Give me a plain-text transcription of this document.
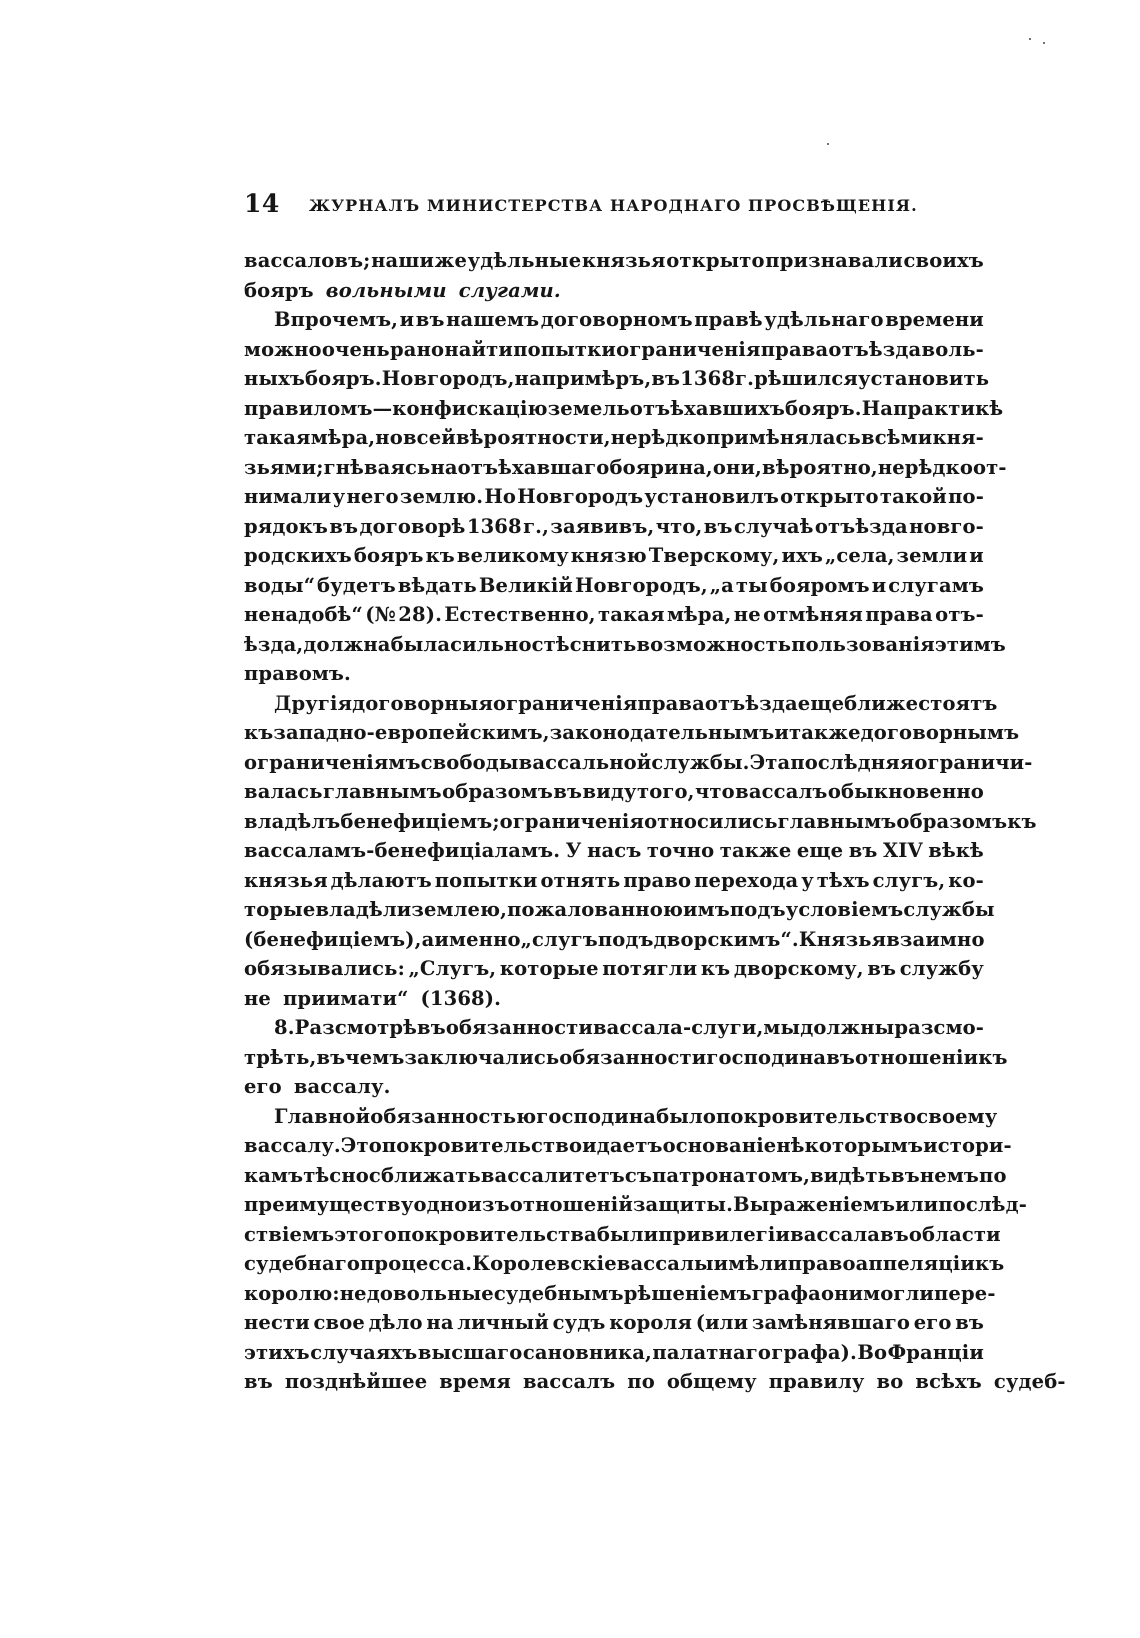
14 ЖУРНАЛЪ МИНИСТЕРСТВА НАРОДНАГО ПРОСВѢЩЕНІЯ.
вассаловъ; наши же удѣльные князья открыто признавали своихъ
бояръ вольными слугами.
Впрочемъ, и въ нашемъ договорномъ правѣ удѣльнаго времени
можно очень рано найти попытки ограниченія права отъѣзда воль-
ныхъ бояръ. Новгородъ, напримѣръ, въ 1368 г. рѣшился установить
правиломъ — конфискацію земель отъѣхавшихъ бояръ. На практикѣ
такая мѣра, но всей вѣроятности, нерѣдко примѣнялась всѣми кня-
зьями; гнѣваясь на отъѣхавшаго боярина, они, вѣроятно, нерѣдко от-
нимали у него землю. Но Новгородъ установилъ открыто такой по-
рядокъ въ договорѣ 1368 г., заявивъ, что, въ случаѣ отъѣзда новго-
родскихъ бояръ къ великому князю Тверскому, ихъ „села, земли и
воды“ будетъ вѣдать Великій Новгородъ, „а ты бояромъ и слугамъ
ненадобѣ“ (№ 28). Естественно, такая мѣра, не отмѣняя права отъ-
ѣзда, должна была сильно стѣснить возможность пользованія этимъ
правомъ.
Другія договорныя ограниченія права отъѣзда еще ближе стоятъ
къ западно-европейскимъ, законодательнымъ и также договорнымъ
ограниченіямъ свободы вассальной службы. Эта послѣдняя ограничи-
валась главнымъ образомъ въ виду того, что вассалъ обыкновенно
владѣлъ бенефиціемъ; ограниченія относились главнымъ образомъ къ
вассаламъ-бенефиціаламъ. У насъ точно также еще въ XIV вѣкѣ
князья дѣлаютъ попытки отнять право перехода у тѣхъ слугъ, ко-
торые владѣли землею, пожалованною имъ подъ условіемъ службы
(бенефиціемъ), а именно „слугъ подъ дворскимъ“. Князья взаимно
обязывались: „Слугъ, которые потягли къ дворскому, въ службу
не приимати“ (1368).
8. Разсмотрѣвъ обязанности вассала-слуги, мы должны разсмо-
трѣть, въ чемъ заключались обязанности господина въ отношеніи къ
его вассалу.
Главной обязанностью господина было покровительство своему
вассалу. Это покровительство и даетъ основаніе нѣкоторымъ истори-
камъ тѣсно сближать вассалитетъ съ патронатомъ, видѣть въ немъ по
преимуществу одно изъ отношеній защиты. Выраженіемъ или послѣд-
ствіемъ этого покровительства были привилегіи вассала въ области
судебнаго процесса. Королевскіе вассалы имѣли право аппеляціи къ
королю: недовольные судебнымъ рѣшеніемъ графа они могли пере-
нести свое дѣло на личный судъ короля (или замѣнявшаго его въ
этихъ случаяхъ высшаго сановника, палатнаго графа). Во Франціи
въ позднѣйшее время вассалъ по общему правилу во всѣхъ судеб-
